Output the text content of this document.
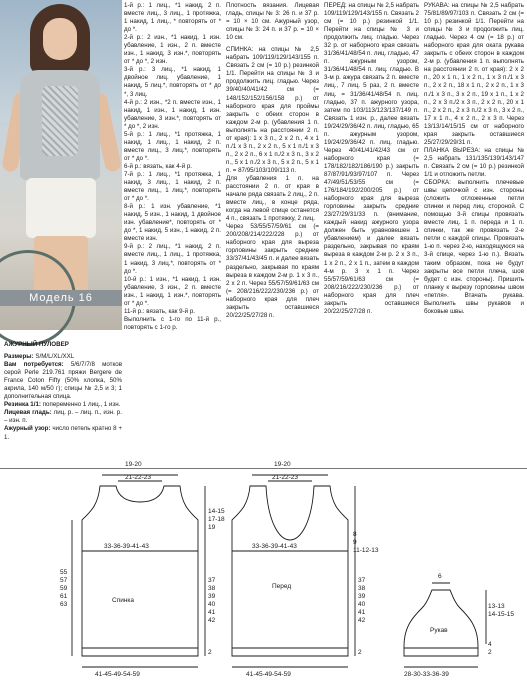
Модель 16

АЖУРНЫЙ ПУЛОВЕР

Размеры: S/M/L/XL/XXL

Вам потребуется: 5/6/7/7/8 мотков серой Perle 219.761 пряжи Bergere de France Coton Fifty (50% хлопка, 50% акрила, 140 м/50 г); спицы № 2,5 и 3; 1 дополнительная спица.

Резинка 1/1: попеременно 1 лиц., 1 изн.

Лицевая гладь: лиц. р. – лиц. п., изн. р. – изн. п.

Ажурный узор: число петель кратно 8 + 1.

1-й р.: 1 лиц., *1 накид, 2 п. вместе лиц., 3 лиц., 1 протяжка, 1 накид, 1 лиц., * повторять от * до *.

2-й р.: 2 изн., *1 накид, 1 изн. убавление, 1 изн., 2 п. вместе изн., 1 накид, 3 изн.*, повторять от * до *, 2 изн.

3-й р.: 3 лиц., *1 накид, 1 двойное лиц. убавление, 1 накид, 5 лиц.*, повторять от * до *, 3 лиц.

4-й р.: 2 изн., *2 п. вместе изн., 1 накид, 1 изн., 1 накид, 1 изн. убавление, 3 изн.*, повторять от * до *, 2 изн.

5-й р.: 1 лиц., *1 протяжка, 1 накид, 1 лиц., 1 накид, 2 п. вместе лиц., 3 лиц.*, повторять от * до *.

6-й р.: вязать, как 4-й р.

7-й р.: 1 лиц., *1 протяжка, 1 накид, 3 лиц., 1 накид, 2 п. вместе лиц., 1 лиц.*, повторять от * до *.

8-й р.: 1 изн. убавление, *1 накид, 5 изн., 1 накид, 1 двойное изн. убавление*, повторять от * до *, 1 накид, 5 изн., 1 накид, 2 п. вместе изн.

9-й р.: 2 лиц., *1 накид, 2 п. вместе лиц., 1 лиц., 1 протяжка, 1 накид, 3 лиц.*, повторять от * до *.

10-й р.: 1 изн., *1 накид, 1 изн. убавление, 3 изн., 2 п. вместе изн., 1 накид, 1 изн.*, повторять от * до *.

11-й р.: вязать, как 9-й р.

Выполнить с 1-го по 11-й р., повторять с 1-го р.

Плотность вязания. Лицевая гладь, спицы № 3: 26 п. и 37 р. = 10 × 10 см. Ажурный узор, спицы № 3: 24 п. и 37 р. = 10 × 10 см.

СПИНКА: на спицы № 2,5 набрать 109/119/129/143/155 п. Связать 2 см (= 10 р.) резинкой 1/1. Перейти на спицы № 3 и продолжить лиц. гладью. Через 39/40/40/41/42 см (= 148/152/152/156/158 р.) от наборного края для проймы закрыть с обеих сторон в каждом 2-м р. (убавления 1 п. выполнять на расстоянии 2 п. от края): 1 x 3 п., 2 x 2 п., 4 x 1 п./1 x 3 п., 2 x 2 п., 5 x 1 п./1 x 3 п., 2 x 2 п., 6 x 1 п./2 x 3 п., 3 x 2 п., 5 x 1 п./2 x 3 п., 5 x 2 п., 5 x 1 п. = 87/95/103/109/113 п.

Для убавления 1 п. на расстоянии 2 п. от края в начале ряда связать 2 лиц., 2 п. вместе лиц., в конце ряда, когда на левой спице останется 4 п., связать 1 протяжку, 2 лиц.

Через 53/55/57/59/61 см (= 200/208/214/222/228 р.) от наборного края для выреза горловины закрыть средние 33/37/41/43/45 п. и далее вязать раздельно, закрывая по краям выреза в каждом 2-м р. 1 x 3 п., 2 x 2 п. Через 55/57/59/61/63 см (= 208/216/222/230/236 р.) от наборного края для плеч закрыть оставшиеся 20/22/25/27/28 п.

ПЕРЕД: на спицы № 2,5 набрать 109/119/129/143/155 п. Связать 2 см (= 10 р.) резинкой 1/1. Перейти на спицы № 3 и продолжить лиц. гладью. Через 32 р. от наборного края связать 31/36/41/48/54 п. лиц. гладью, 47 п. ажурным узором, 31/36/41/48/54 п. лиц. гладью. В 3-м р. ажура связать 2 п. вместе лиц., 7 лиц. 5 раз, 2 п. вместе лиц. = 31/36/41/48/54 п. лиц. гладью, 37 п. ажурного узора, затем по 103/113/123/137/149 п. Связать 1 изн. р., далее вязать 19/24/29/36/42 п. лиц. гладью, 65 п. ажурным узором, 19/24/29/36/42 п. лиц. гладью. Через 40/41/41/42/43 см от наборного края (= 178/182/182/186/190 р.) закрыть 87/87/91/93/97/107 п. Через 47/49/51/53/55 см (= 176/184/192/200/205 р.) от наборного края для выреза горловины закрыть средние 23/27/29/31/33 п. (внимание, каждый накид ажурного узора должен быть уравновешен 1 убавлением) и далее вязать раздельно, закрывая по краям выреза в каждом 2-м р. 2 x 3 п., 1 x 2 п., 2 x 1 п., затем в каждом 4-м р. 3 x 1 п. Через 55/57/59/61/63 см (= 208/216/222/230/236 р.) от наборного края для плеч закрыть оставшиеся 20/22/25/27/28 п.

РУКАВА: на спицы № 2,5 набрать 75/81/89/97/103 п. Связать 2 см (= 10 р.) резинкой 1/1. Перейти на спицы № 3 и продолжить лиц. гладью. Через 4 см (= 18 р.) от наборного края для оката рукава закрыть с обеих сторон в каждом 2-м р. (убавления 1 п. выполнять на расстоянии 2 п. от края): 2 x 2 п., 20 x 1 п., 1 x 2 п., 1 x 3 п./1 x 3 п., 2 x 2 п., 18 x 1 п., 2 x 2 п., 1 x 3 п./1 x 3 п., 3 x 2 п., 19 x 1 п., 1 x 2 п., 2 x 3 п./2 x 3 п., 2 x 2 п., 20 x 1 п., 2 x 2 п., 2 x 3 п./2 x 3 п., 3 x 2 п., 17 x 1 п., 4 x 2 п., 2 x 3 п. Через 13/13/14/15/15 см от наборного края закрыть оставшиеся 25/27/29/29/31 п.

ПЛАНКА ВЫРЕЗА: на спицы № 2,5 набрать 131/135/139/143/147 п. Связать 2 см (= 10 р.) резинкой 1/1 и отложить петли.

СБОРКА: выполнить плечевые швы цепочкой с изн. стороны (сложить отложенные петли спинки и перед лиц. стороной. С помощью 3-й спицы провязать вместе лиц. 1 п. переда и 1 п. спинки, так же провязать 2-е петли с каждой спицы. Провязать 1-ю п. через 2-ю, находящуюся на 3-й спице, через 1-ю п.). Вязать таким образом, пока не будут закрыты все петли плеча, шов будет с изн. стороны). Пришить планку к вырезу горловины швом «петля». Втачать рукава. Выполнить швы рукавов и боковые швы.

19-20
21-22-23
33-36-39-41-43
Спинка
41-45-49-54-59
55
57
59
61
63
14-15
17-18
19
37
38
39
40
41
42
2
19-20
21-22-23
33-36-39-41-43
Перед
41-45-49-54-59
8
9
11-12-13
37
38
39
40
41
42
2
6
13-13
14-15-15
Рукав
4
2
28-30-33-36-39
